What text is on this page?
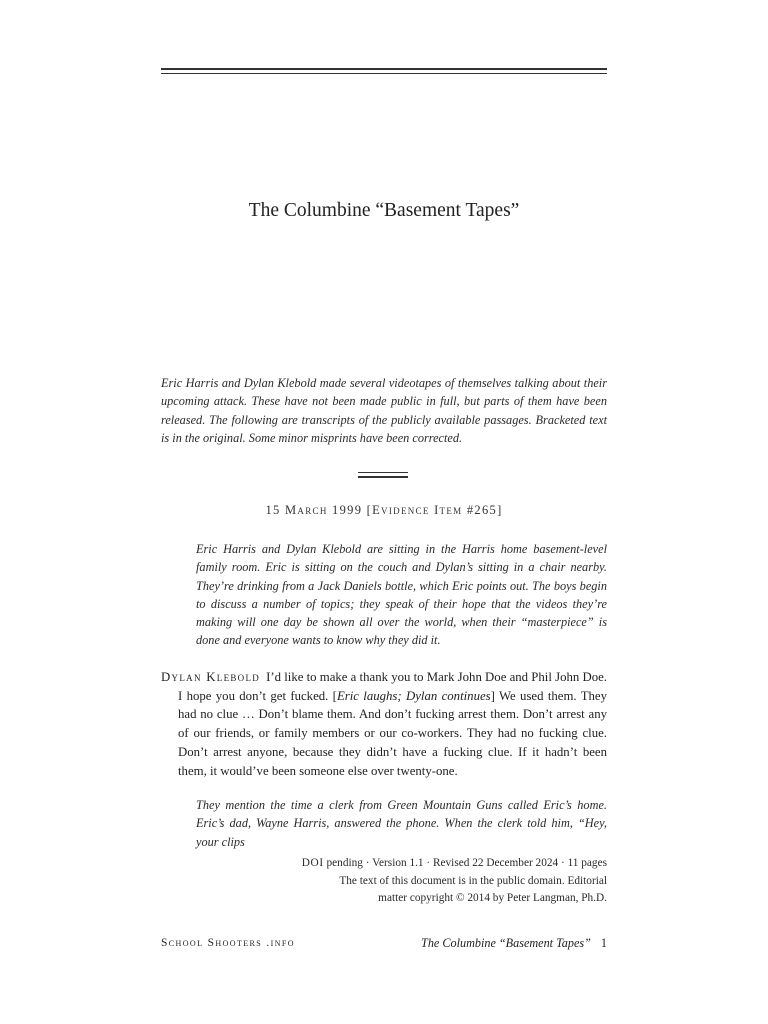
The Columbine “Basement Tapes”
Eric Harris and Dylan Klebold made several videotapes of themselves talking about their upcoming attack. These have not been made public in full, but parts of them have been released. The following are transcripts of the publicly available passages. Bracketed text is in the original. Some minor misprints have been corrected.
15 March 1999 [Evidence Item #265]
Eric Harris and Dylan Klebold are sitting in the Harris home basement-level family room. Eric is sitting on the couch and Dylan’s sitting in a chair nearby. They’re drinking from a Jack Daniels bottle, which Eric points out. The boys begin to discuss a number of topics; they speak of their hope that the videos they’re making will one day be shown all over the world, when their “masterpiece” is done and everyone wants to know why they did it.
Dylan Klebold I’d like to make a thank you to Mark John Doe and Phil John Doe. I hope you don’t get fucked. [Eric laughs; Dylan continues] We used them. They had no clue … Don’t blame them. And don’t fucking arrest them. Don’t arrest any of our friends, or family members or our co-workers. They had no fucking clue. Don’t arrest anyone, because they didn’t have a fucking clue. If it hadn’t been them, it would’ve been someone else over twenty-one.
They mention the time a clerk from Green Mountain Guns called Eric’s home. Eric’s dad, Wayne Harris, answered the phone. When the clerk told him, “Hey, your clips
DOI pending · Version 1.1 · Revised 22 December 2024 · 11 pages
The text of this document is in the public domain. Editorial
matter copyright © 2014 by Peter Langman, Ph.D.
School Shooters .info	The Columbine “Basement Tapes” 1
